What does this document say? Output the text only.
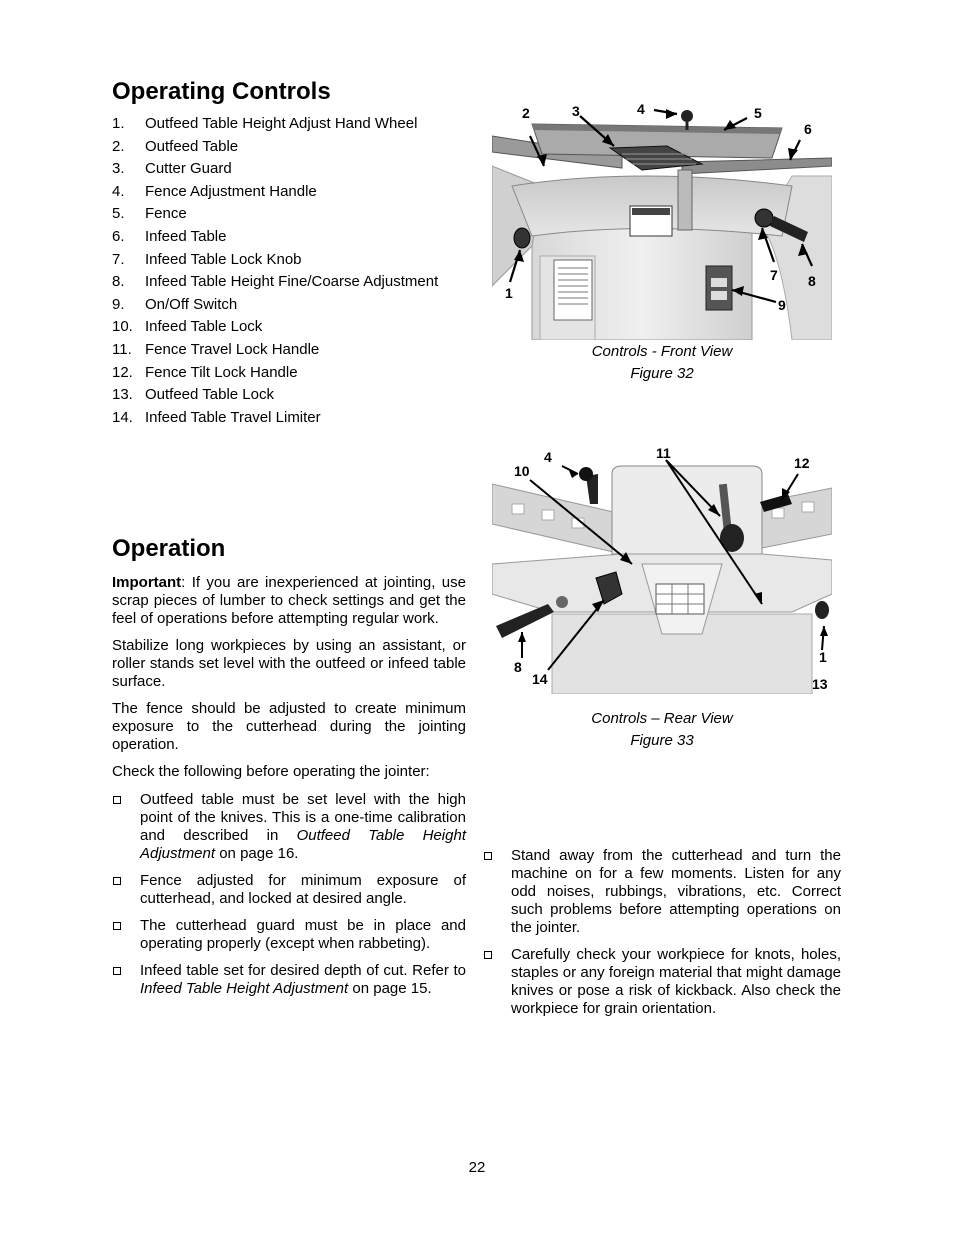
Operating Controls
1. Outfeed Table Height Adjust Hand Wheel
2. Outfeed Table
3. Cutter Guard
4. Fence Adjustment Handle
5. Fence
6. Infeed Table
7. Infeed Table Lock Knob
8. Infeed Table Height Fine/Coarse Adjustment
9. On/Off Switch
10. Infeed Table Lock
11. Fence Travel Lock Handle
12. Fence Tilt Lock Handle
13. Outfeed Table Lock
14. Infeed Table Travel Limiter
2	3	4	5
6
7 8
9
1
Controls - Front View
Figure 32
10
4	11
12
8
14
1
13
Controls – Rear View
Figure 33
Operation

Important: If you are inexperienced at jointing, use scrap pieces of lumber to check settings and get the feel of operations before attempting regular work.

Stabilize long workpieces by using an assistant, or roller stands set level with the outfeed or infeed table surface.

The fence should be adjusted to create minimum exposure to the cutterhead during the jointing operation.

Check the following before operating the jointer:

Outfeed table must be set level with the high point of the knives. This is a one-time calibration and described in Outfeed Table Height Adjustment on page 16.
Fence adjusted for minimum exposure of cutterhead, and locked at desired angle.
The cutterhead guard must be in place and operating properly (except when rabbeting).
Infeed table set for desired depth of cut. Refer to Infeed Table Height Adjustment on page 15.
Stand away from the cutterhead and turn the machine on for a few moments. Listen for any odd noises, rubbings, vibrations, etc. Correct such problems before attempting operations on the jointer.
Carefully check your workpiece for knots, holes, staples or any foreign material that might damage knives or pose a risk of kickback. Also check the workpiece for grain orientation.
22
